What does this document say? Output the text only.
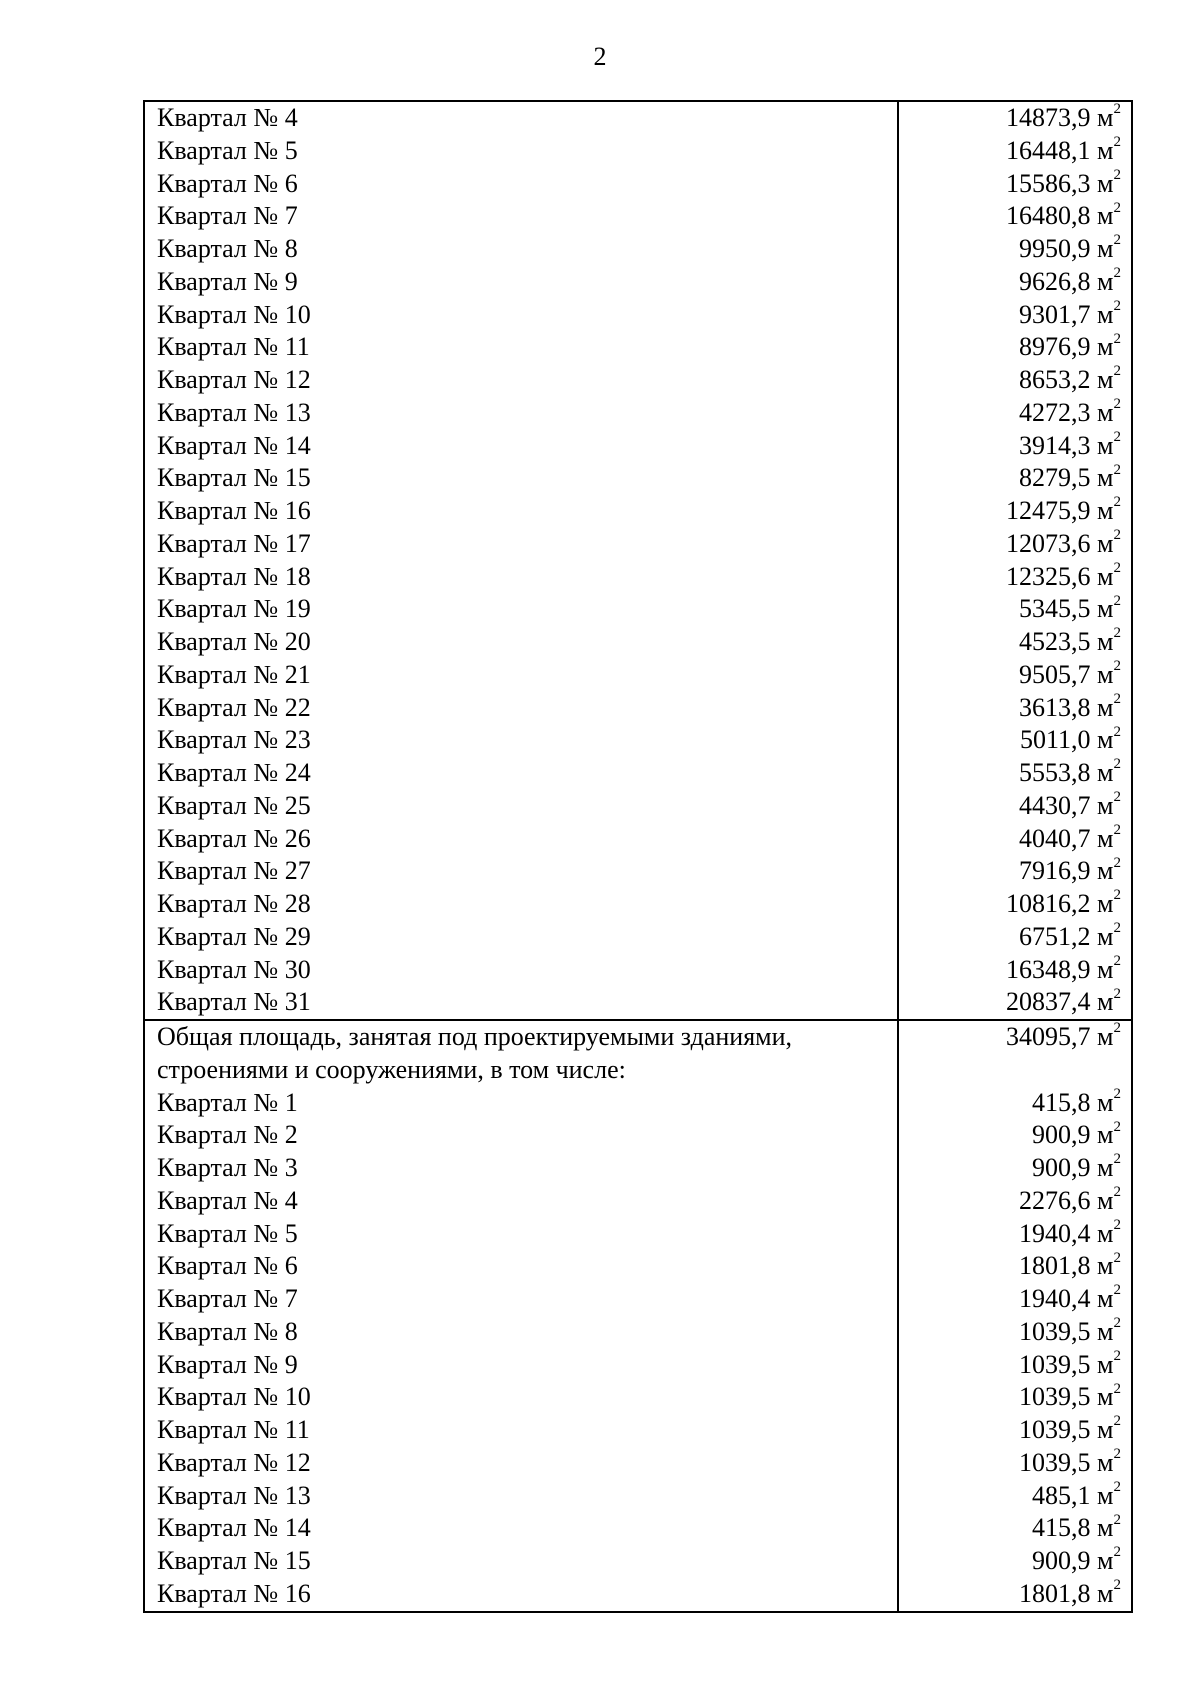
2
Квартал № 4
Квартал № 5
Квартал № 6
Квартал № 7
Квартал № 8
Квартал № 9
Квартал № 10
Квартал № 11
Квартал № 12
Квартал № 13
Квартал № 14
Квартал № 15
Квартал № 16
Квартал № 17
Квартал № 18
Квартал № 19
Квартал № 20
Квартал № 21
Квартал № 22
Квартал № 23
Квартал № 24
Квартал № 25
Квартал № 26
Квартал № 27
Квартал № 28
Квартал № 29
Квартал № 30
Квартал № 31
14873,9 $м^2$
16448,1 $м^2$
15586,3 $м^2$
16480,8 $м^2$
9950,9 $м^2$
9626,8 $м^2$
9301,7 $м^2$
8976,9 $м^2$
8653,2 $м^2$
4272,3 $м^2$
3914,3 $м^2$
8279,5 $м^2$
12475,9 $м^2$
12073,6 $м^2$
12325,6 $м^2$
5345,5 $м^2$
4523,5 $м^2$
9505,7 $м^2$
3613,8 $м^2$
5011,0 $м^2$
5553,8 $м^2$
4430,7 $м^2$
4040,7 $м^2$
7916,9 $м^2$
10816,2 $м^2$
6751,2 $м^2$
16348,9 $м^2$
20837,4 $м^2$
Общая площадь, занятая под проектируемыми зданиями,
строениями и сооружениями, в том числе:
Квартал № 1
Квартал № 2
Квартал № 3
Квартал № 4
Квартал № 5
Квартал № 6
Квартал № 7
Квартал № 8
Квартал № 9
Квартал № 10
Квартал № 11
Квартал № 12
Квартал № 13
Квартал № 14
Квартал № 15
Квартал № 16
34095,7 $м^2$
415,8 $м^2$
900,9 $м^2$
900,9 $м^2$
2276,6 $м^2$
1940,4 $м^2$
1801,8 $м^2$
1940,4 $м^2$
1039,5 $м^2$
1039,5 $м^2$
1039,5 $м^2$
1039,5 $м^2$
1039,5 $м^2$
485,1 $м^2$
415,8 $м^2$
900,9 $м^2$
1801,8 $м^2$
